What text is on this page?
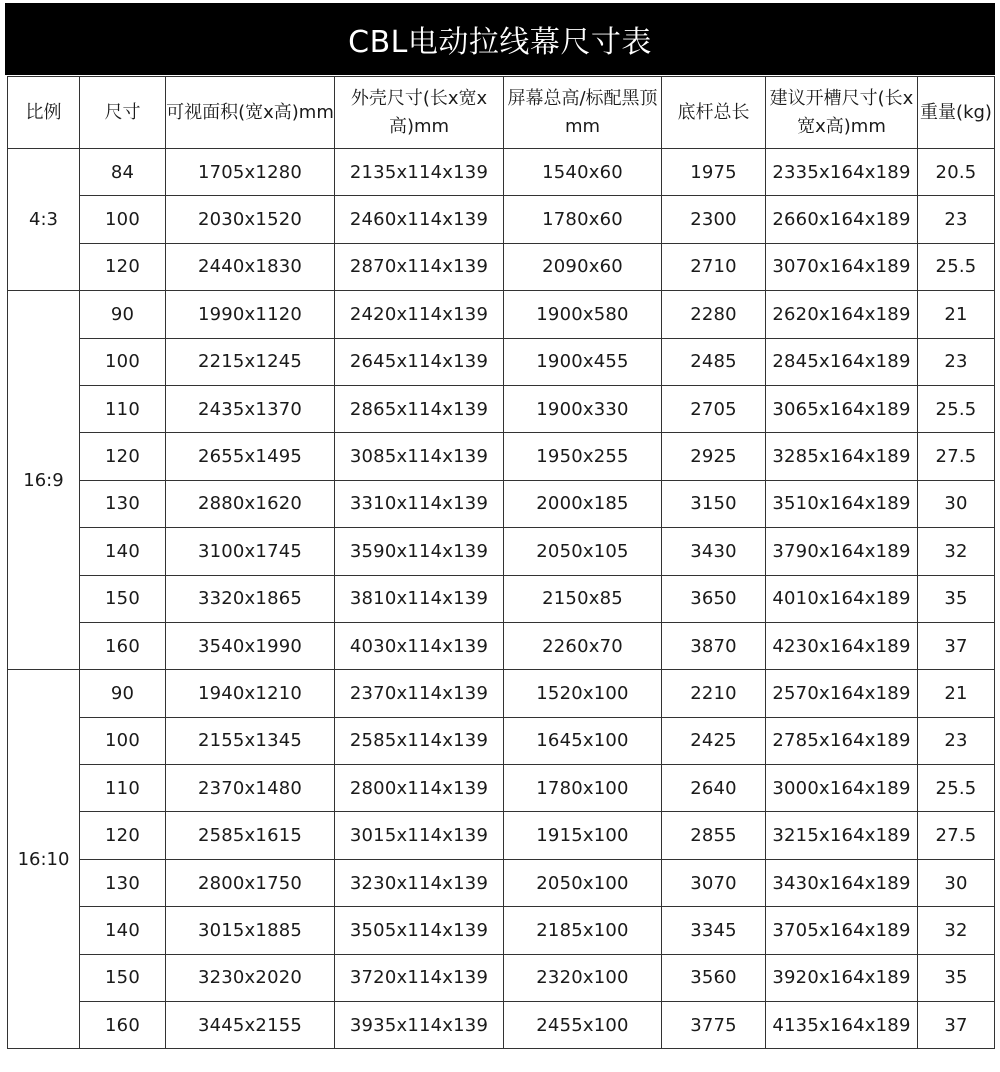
CBL电动拉线幕尺寸表
比例	尺寸	可视面积(宽x高)mm	外壳尺寸(长x宽x高)mm	屏幕总高/标配黑顶mm	底杆总长	建议开槽尺寸(长x宽x高)mm	重量(kg)
4:3	84	1705x1280	2135x114x139	1540x60	1975	2335x164x189	20.5
	100	2030x1520	2460x114x139	1780x60	2300	2660x164x189	23
	120	2440x1830	2870x114x139	2090x60	2710	3070x164x189	25.5
16:9	90	1990x1120	2420x114x139	1900x580	2280	2620x164x189	21
	100	2215x1245	2645x114x139	1900x455	2485	2845x164x189	23
	110	2435x1370	2865x114x139	1900x330	2705	3065x164x189	25.5
	120	2655x1495	3085x114x139	1950x255	2925	3285x164x189	27.5
	130	2880x1620	3310x114x139	2000x185	3150	3510x164x189	30
	140	3100x1745	3590x114x139	2050x105	3430	3790x164x189	32
	150	3320x1865	3810x114x139	2150x85	3650	4010x164x189	35
	160	3540x1990	4030x114x139	2260x70	3870	4230x164x189	37
16:10	90	1940x1210	2370x114x139	1520x100	2210	2570x164x189	21
	100	2155x1345	2585x114x139	1645x100	2425	2785x164x189	23
	110	2370x1480	2800x114x139	1780x100	2640	3000x164x189	25.5
	120	2585x1615	3015x114x139	1915x100	2855	3215x164x189	27.5
	130	2800x1750	3230x114x139	2050x100	3070	3430x164x189	30
	140	3015x1885	3505x114x139	2185x100	3345	3705x164x189	32
	150	3230x2020	3720x114x139	2320x100	3560	3920x164x189	35
	160	3445x2155	3935x114x139	2455x100	3775	4135x164x189	37
